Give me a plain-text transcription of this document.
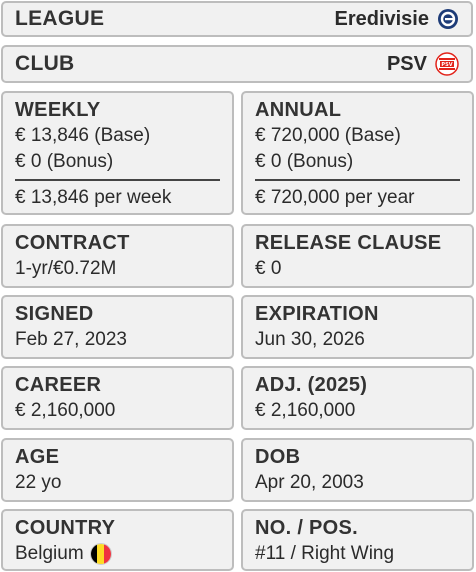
LEAGUE	Eredivisie
CLUB	PSV	PSV
WEEKLY
€ 13,846 (Base)
€ 0 (Bonus)
€ 13,846 per week
ANNUAL
€ 720,000 (Base)
€ 0 (Bonus)
€ 720,000 per year
CONTRACT
1-yr/€0.72M
RELEASE CLAUSE
€ 0
SIGNED
Feb 27, 2023
EXPIRATION
Jun 30, 2026
CAREER
€ 2,160,000
ADJ. (2025)
€ 2,160,000
AGE
22 yo
DOB
Apr 20, 2003
COUNTRY
Belgium
NO. / POS.
#11 / Right Wing
